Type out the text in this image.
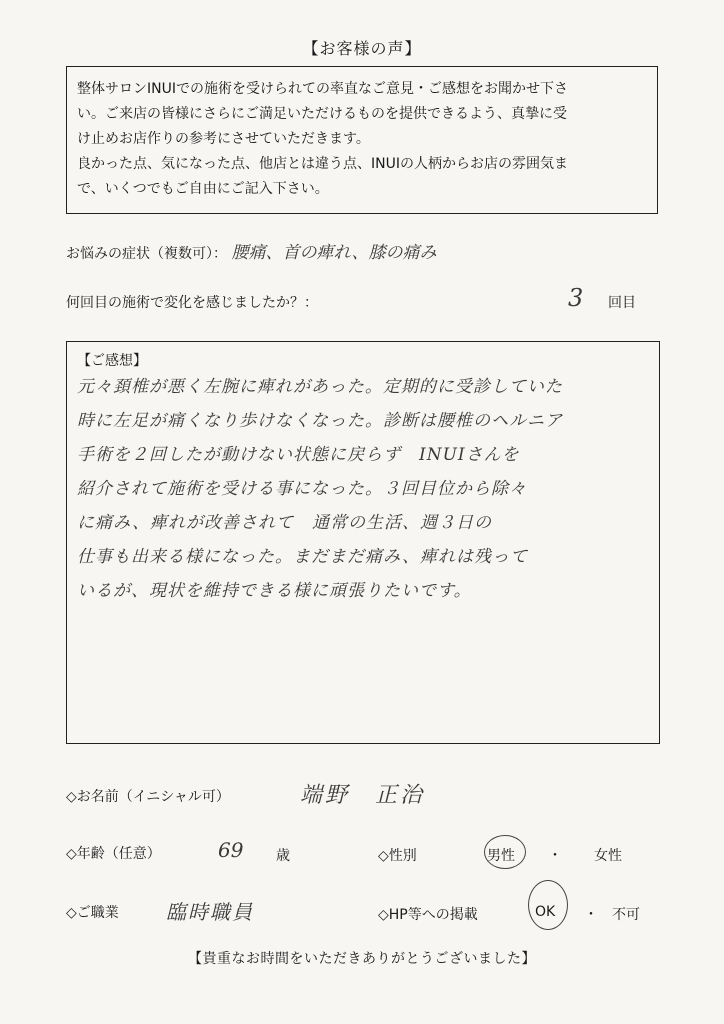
【お客様の声】

整体サロンINUIでの施術を受けられての率直なご意見・ご感想をお聞かせ下さ

い。ご来店の皆様にさらにご満足いただけるものを提供できるよう、真摯に受

け止めお店作りの参考にさせていただきます。

良かった点、気になった点、他店とは違う点、INUIの人柄からお店の雰囲気ま

で、いくつでもご自由にご記入下さい。

お悩みの症状（複数可）： 腰痛、首の痺れ、膝の痛み
何回目の施術で変化を感じましたか？：	3 回目
【ご感想】
元々頚椎が悪く左腕に痺れがあった。定期的に受診していた
時に左足が痛くなり歩けなくなった。診断は腰椎のヘルニア
手術を２回したが動けない状態に戻らず　INUIさんを
紹介されて施術を受ける事になった。３回目位から除々
に痛み、痺れが改善されて　通常の生活、週３日の
仕事も出来る様になった。まだまだ痛み、痺れは残って
いるが、現状を維持できる様に頑張りたいです。
◇お名前（イニシャル可）	端野　正治
◇年齢（任意）	69 歳	◇性別	男性 ・ 女性
◇ご職業 臨時職員	◇HP等への掲載	OK ・ 不可
【貴重なお時間をいただきありがとうございました】
